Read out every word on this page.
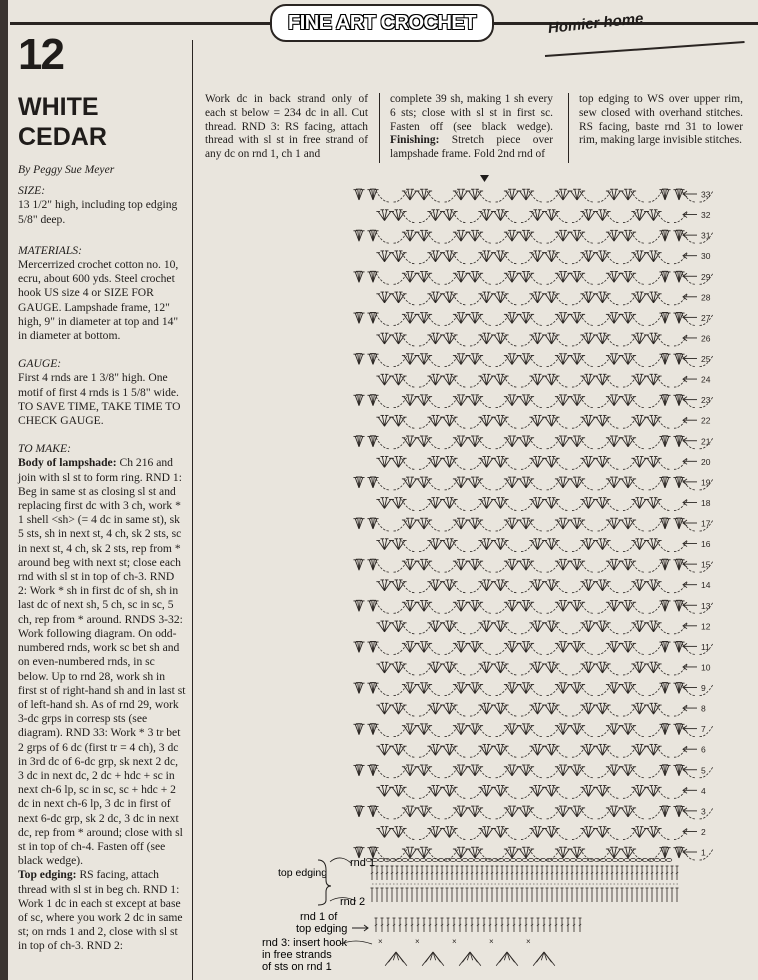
FINE ART CROCHET	Homier home
12
WHITE
CEDAR

By Peggy Sue Meyer

SIZE:

13 1/2" high, including top edging 5/8" deep.

MATERIALS:

Mercerrized crochet cotton no. 10, ecru, about 600 yds. Steel crochet hook US size 4 or SIZE FOR GAUGE. Lampshade frame, 12" high, 9" in diameter at top and 14" in diameter at bottom.

GAUGE:

First 4 rnds are 1 3/8" high. One motif of first 4 rnds is 1 5/8" wide. TO SAVE TIME, TAKE TIME TO CHECK GAUGE.

TO MAKE:

Body of lampshade: Ch 216 and join with sl st to form ring. RND 1: Beg in same st as closing sl st and replacing first dc with 3 ch, work * 1 shell <sh> (= 4 dc in same st), sk 5 sts, sh in next st, 4 ch, sk 2 sts, sc in next st, 4 ch, sk 2 sts, rep from * around beg with next st; close each rnd with sl st in top of ch-3. RND 2: Work * sh in first dc of sh, sh in last dc of next sh, 5 ch, sc in sc, 5 ch, rep from * around. RNDS 3-32: Work following diagram. On odd-numbered rnds, work sc bet sh and on even-numbered rnds, in sc below. Up to rnd 28, work sh in first st of right-hand sh and in last st of left-hand sh. As of rnd 29, work 3-dc grps in corresp sts (see diagram). RND 33: Work * 3 tr bet 2 grps of 6 dc (first tr = 4 ch), 3 dc in 3rd dc of 6-dc grp, sk next 2 dc, 3 dc in next dc, 2 dc + hdc + sc in next ch-6 lp, sc in sc, sc + hdc + 2 dc in next ch-6 lp, 3 dc in first of next 6-dc grp, sk 2 dc, 3 dc in next dc, rep from * around; close with sl st in top of ch-4. Fasten off (see black wedge).

Top edging: RS facing, attach thread with sl st in beg ch. RND 1: Work 1 dc in each st except at base of sc, where you work 2 dc in same st; on rnds 1 and 2, close with sl st in top of ch-3. RND 2:

Work dc in back strand only of each st below = 234 dc in all. Cut thread. RND 3: RS facing, attach thread with sl st in free strand of any dc on rnd 1, ch 1 and
complete 39 sh, making 1 sh every 6 sts; close with sl st in first sc. Fasten off (see black wedge). Finishing: Stretch piece over lampshade frame. Fold 2nd rnd of
top edging to WS over upper rim, sew closed with overhand stitches. RS facing, baste rnd 31 to lower rim, making large invisible stitches.
33
32
31
30
29
28
27
26
25
24
23
22
21
20
19
18
17
16
15
14
13
12
11
10
9
8
7
6
5
4
3
2
1
×	×	×	×	×
rnd 1
rnd 2
top edging
rnd 1 of
top edging
rnd 3: insert hook
in free strands
of sts on rnd 1
